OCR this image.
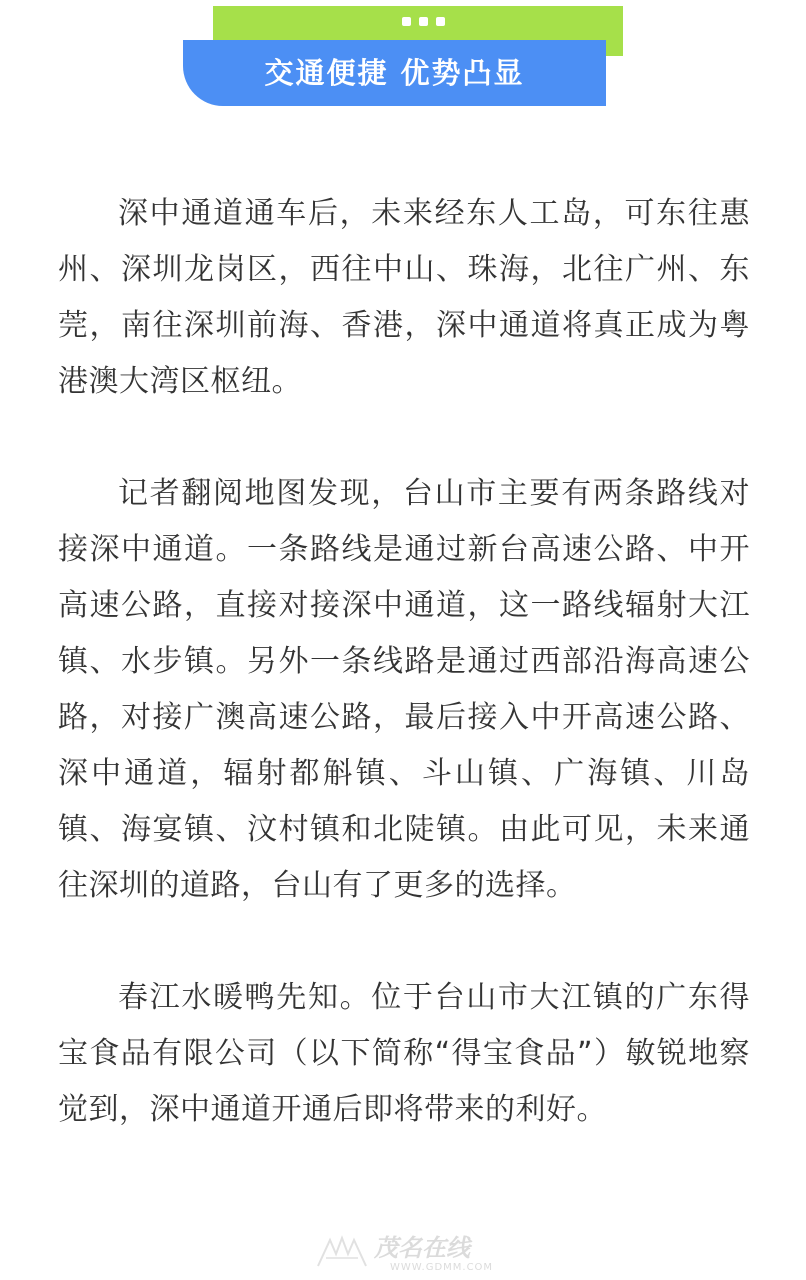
交通便捷 优势凸显

深中通道通车后，未来经东人工岛，可东往惠州、深圳龙岗区，西往中山、珠海，北往广州、东莞，南往深圳前海、香港，深中通道将真正成为粤港澳大湾区枢纽。

记者翻阅地图发现，台山市主要有两条路线对接深中通道。一条路线是通过新台高速公路、中开高速公路，直接对接深中通道，这一路线辐射大江镇、水步镇。另外一条线路是通过西部沿海高速公路，对接广澳高速公路，最后接入中开高速公路、深中通道，辐射都斛镇、斗山镇、广海镇、川岛镇、海宴镇、汶村镇和北陡镇。由此可见，未来通往深圳的道路，台山有了更多的选择。

春江水暖鸭先知。位于台山市大江镇的广东得宝食品有限公司（以下简称“得宝食品”）敏锐地察觉到，深中通道开通后即将带来的利好。

茂名在线
WWW.GDMM.COM
